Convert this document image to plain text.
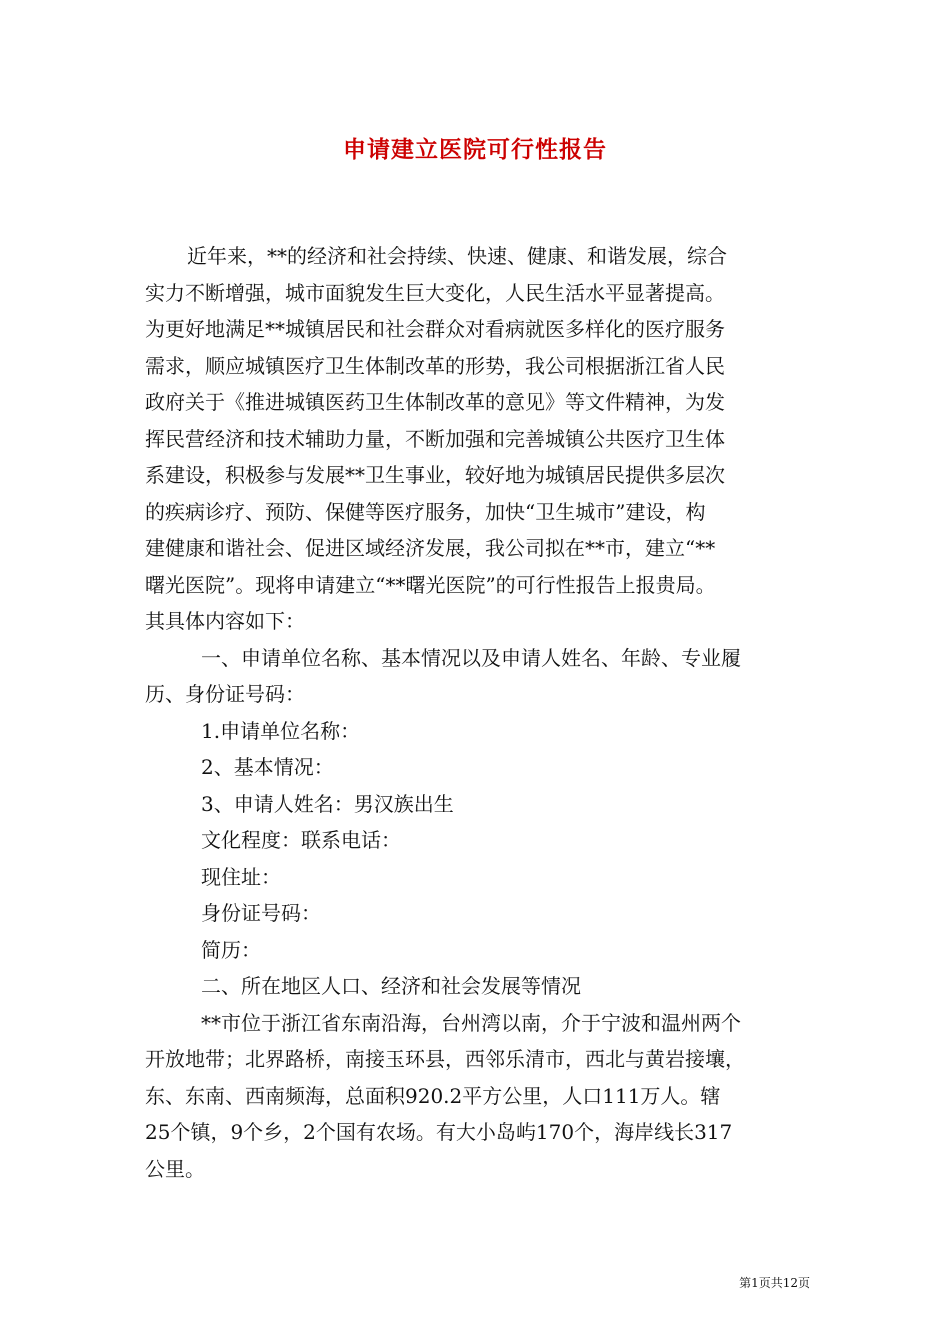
申请建立医院可行性报告
近年来，**的经济和社会持续、快速、健康、和谐发展，综合
实力不断增强，城市面貌发生巨大变化，人民生活水平显著提高。
为更好地满足**城镇居民和社会群众对看病就医多样化的医疗服务
需求，顺应城镇医疗卫生体制改革的形势，我公司根据浙江省人民
政府关于《推进城镇医药卫生体制改革的意见》等文件精神，为发
挥民营经济和技术辅助力量，不断加强和完善城镇公共医疗卫生体
系建设，积极参与发展**卫生事业，较好地为城镇居民提供多层次
的疾病诊疗、预防、保健等医疗服务，加快“卫生城市”建设，构
建健康和谐社会、促进区域经济发展，我公司拟在**市，建立“**
曙光医院”。现将申请建立“**曙光医院”的可行性报告上报贵局。
其具体内容如下：
一、申请单位名称、基本情况以及申请人姓名、年龄、专业履
历、身份证号码：
1.申请单位名称：
2、基本情况：
3、申请人姓名：男汉族出生
文化程度：联系电话：
现住址：
身份证号码：
简历：
二、所在地区人口、经济和社会发展等情况
**市位于浙江省东南沿海，台州湾以南，介于宁波和温州两个
开放地带；北界路桥，南接玉环县，西邻乐清市，西北与黄岩接壤，
东、东南、西南频海，总面积920.2平方公里，人口111万人。辖
25个镇，9个乡，2个国有农场。有大小岛屿170个，海岸线长317
公里。
第1页共12页
